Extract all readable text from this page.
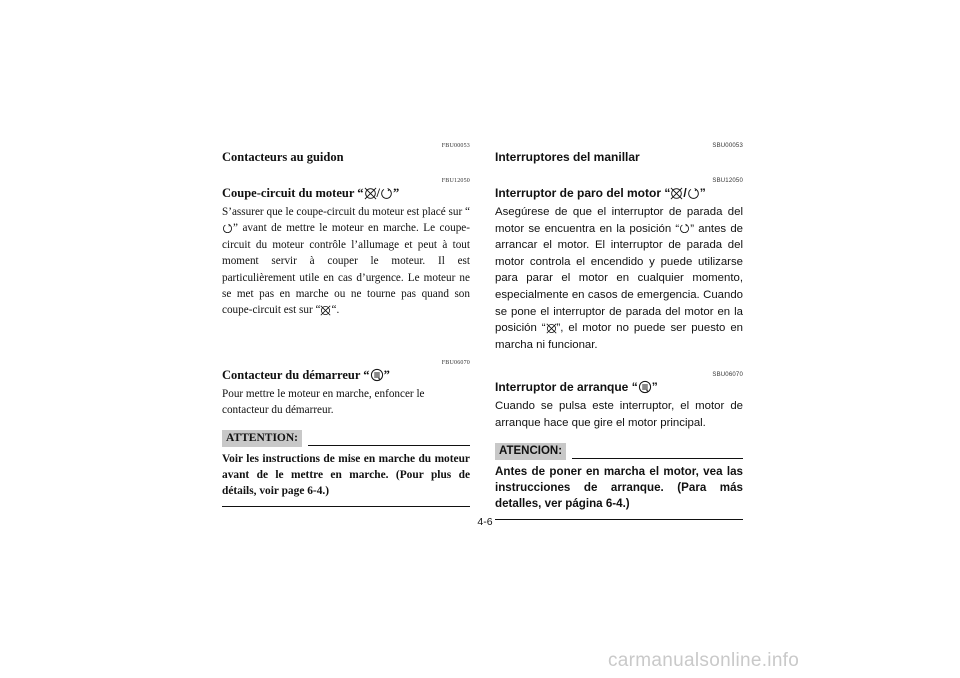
FBU00053
Contacteurs au guidon
FBU12050
Coupe-circuit du moteur “ / ”

S’assurer que le coupe-circuit du moteur est placé sur “
” avant de mettre le moteur en marche. Le coupe-circuit du moteur contrôle l’allumage et peut à tout moment servir à couper le moteur. Il est particulièrement utile en cas d’urgence. Le moteur ne se met pas en marche ou ne tourne pas quand son coupe-circuit est sur “ “.

FBU06070
Contacteur du démarreur “ ”

Pour mettre le moteur en marche, enfoncer le contacteur du démarreur.

ATTENTION:
Voir les instructions de mise en marche du moteur avant de le mettre en marche. (Pour plus de détails, voir page 6-4.)
SBU00053
Interruptores del manillar
SBU12050
Interruptor de paro del motor “ / ”

Asegúrese de que el interruptor de parada del motor se encuentra en la posición “ ” antes de arrancar el motor. El interruptor de parada del motor controla el encendido y puede utilizarse para parar el motor en cualquier momento, especialmente en casos de emergencia. Cuando se pone el interruptor de parada del motor en la posición “ ”, el motor no puede ser puesto en marcha ni funcionar.

SBU06070
Interruptor de arranque “ ”

Cuando se pulsa este interruptor, el motor de arranque hace que gire el motor principal.

ATENCION:
Antes de poner en marcha el motor, vea las instrucciones de arranque. (Para más detalles, ver página 6-4.)
4-6
carmanualsonline.info
